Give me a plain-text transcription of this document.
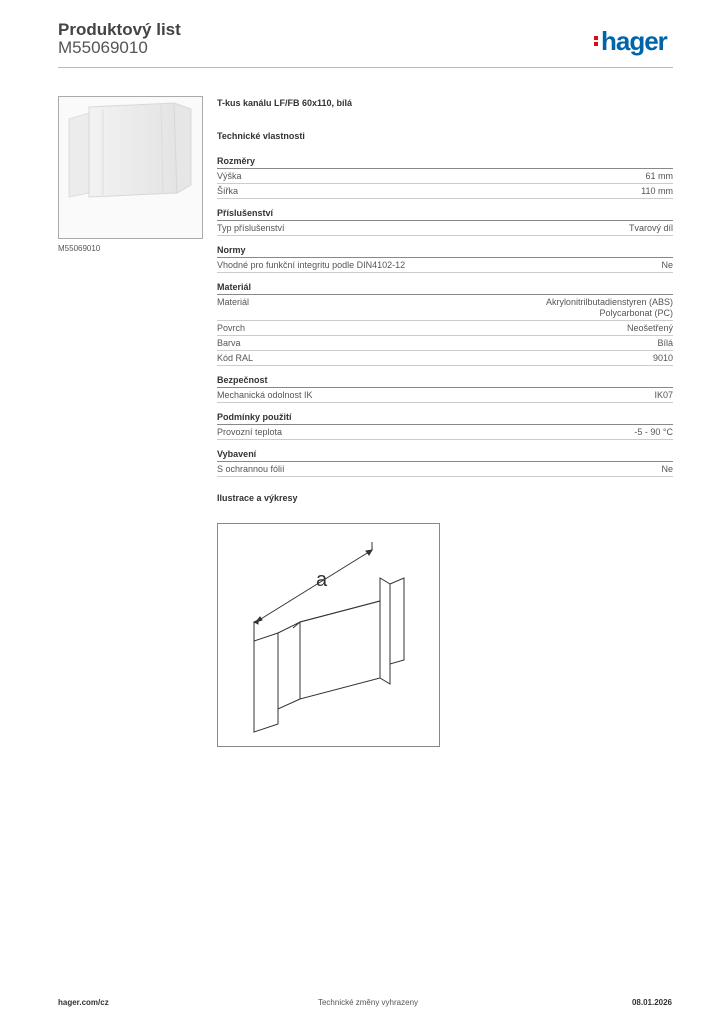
Produktový list
M55069010	hager
M55069010
T-kus kanálu LF/FB 60x110, bílá
Technické vlastnosti
Rozměry
Výška	61 mm
Šířka	110 mm
Příslušenství
Typ příslušenství	Tvarový díl
Normy
Vhodné pro funkční integritu podle DIN4102-12	Ne
Materiál
Materiál	Akrylonitrilbutadienstyren (ABS)
Polycarbonat (PC)
Povrch	Neošetřený
Barva	Bílá
Kód RAL	9010
Bezpečnost
Mechanická odolnost IK	IK07
Podmínky použití
Provozní teplota	-5 - 90 °C
Vybavení
S ochrannou fólií	Ne
Ilustrace a výkresy
a
hager.com/cz	Technické změny vyhrazeny	08.01.2026
